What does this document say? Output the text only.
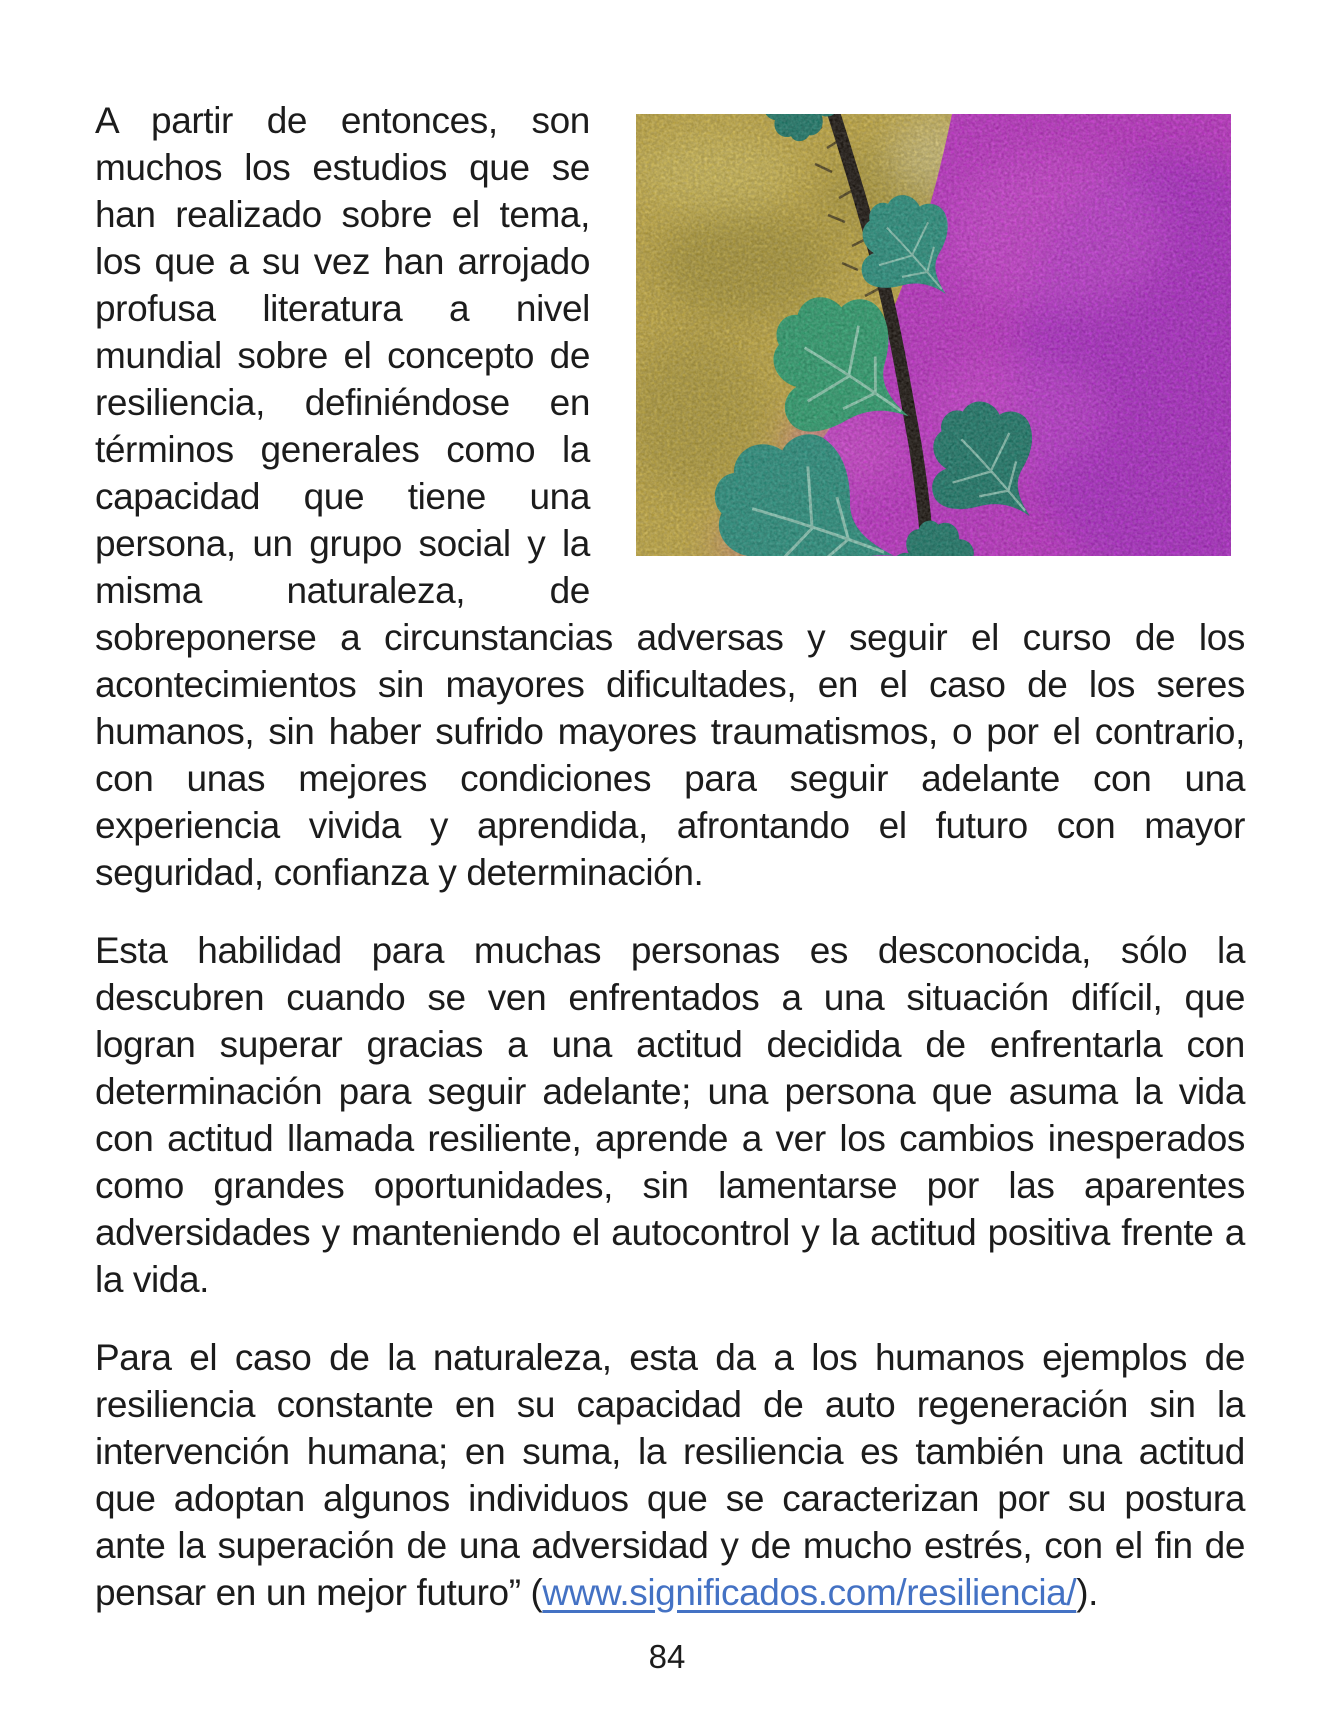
A partir de entonces, son muchos los estudios que se han realizado sobre el tema, los que a su vez han arrojado profusa literatura a nivel mundial sobre el concepto de resiliencia, definiéndose en términos generales como la capacidad que tiene una persona, un grupo social y la misma naturaleza, de sobreponerse a circunstancias adversas y seguir el curso de los acontecimientos sin mayores dificultades, en el caso de los seres humanos, sin haber sufrido mayores traumatismos, o por el contrario, con unas mejores condiciones para seguir adelante con una experiencia vivida y aprendida, afrontando el futuro con mayor seguridad, confianza y determinación.

Esta habilidad para muchas personas es desconocida, sólo la descubren cuando se ven enfrentados a una situación difícil, que logran superar gracias a una actitud decidida de enfrentarla con determinación para seguir adelante; una persona que asuma la vida con actitud llamada resiliente, aprende a ver los cambios inesperados como grandes oportunidades, sin lamentarse por las aparentes adversidades y manteniendo el autocontrol y la actitud positiva frente a la vida.

Para el caso de la naturaleza, esta da a los humanos ejemplos de resiliencia constante en su capacidad de auto regeneración sin la intervención humana; en suma, la resiliencia es también una actitud que adoptan algunos individuos que se caracterizan por su postura ante la superación de una adversidad y de mucho estrés, con el fin de pensar en un mejor futuro” (www.significados.com/resiliencia/).

84
